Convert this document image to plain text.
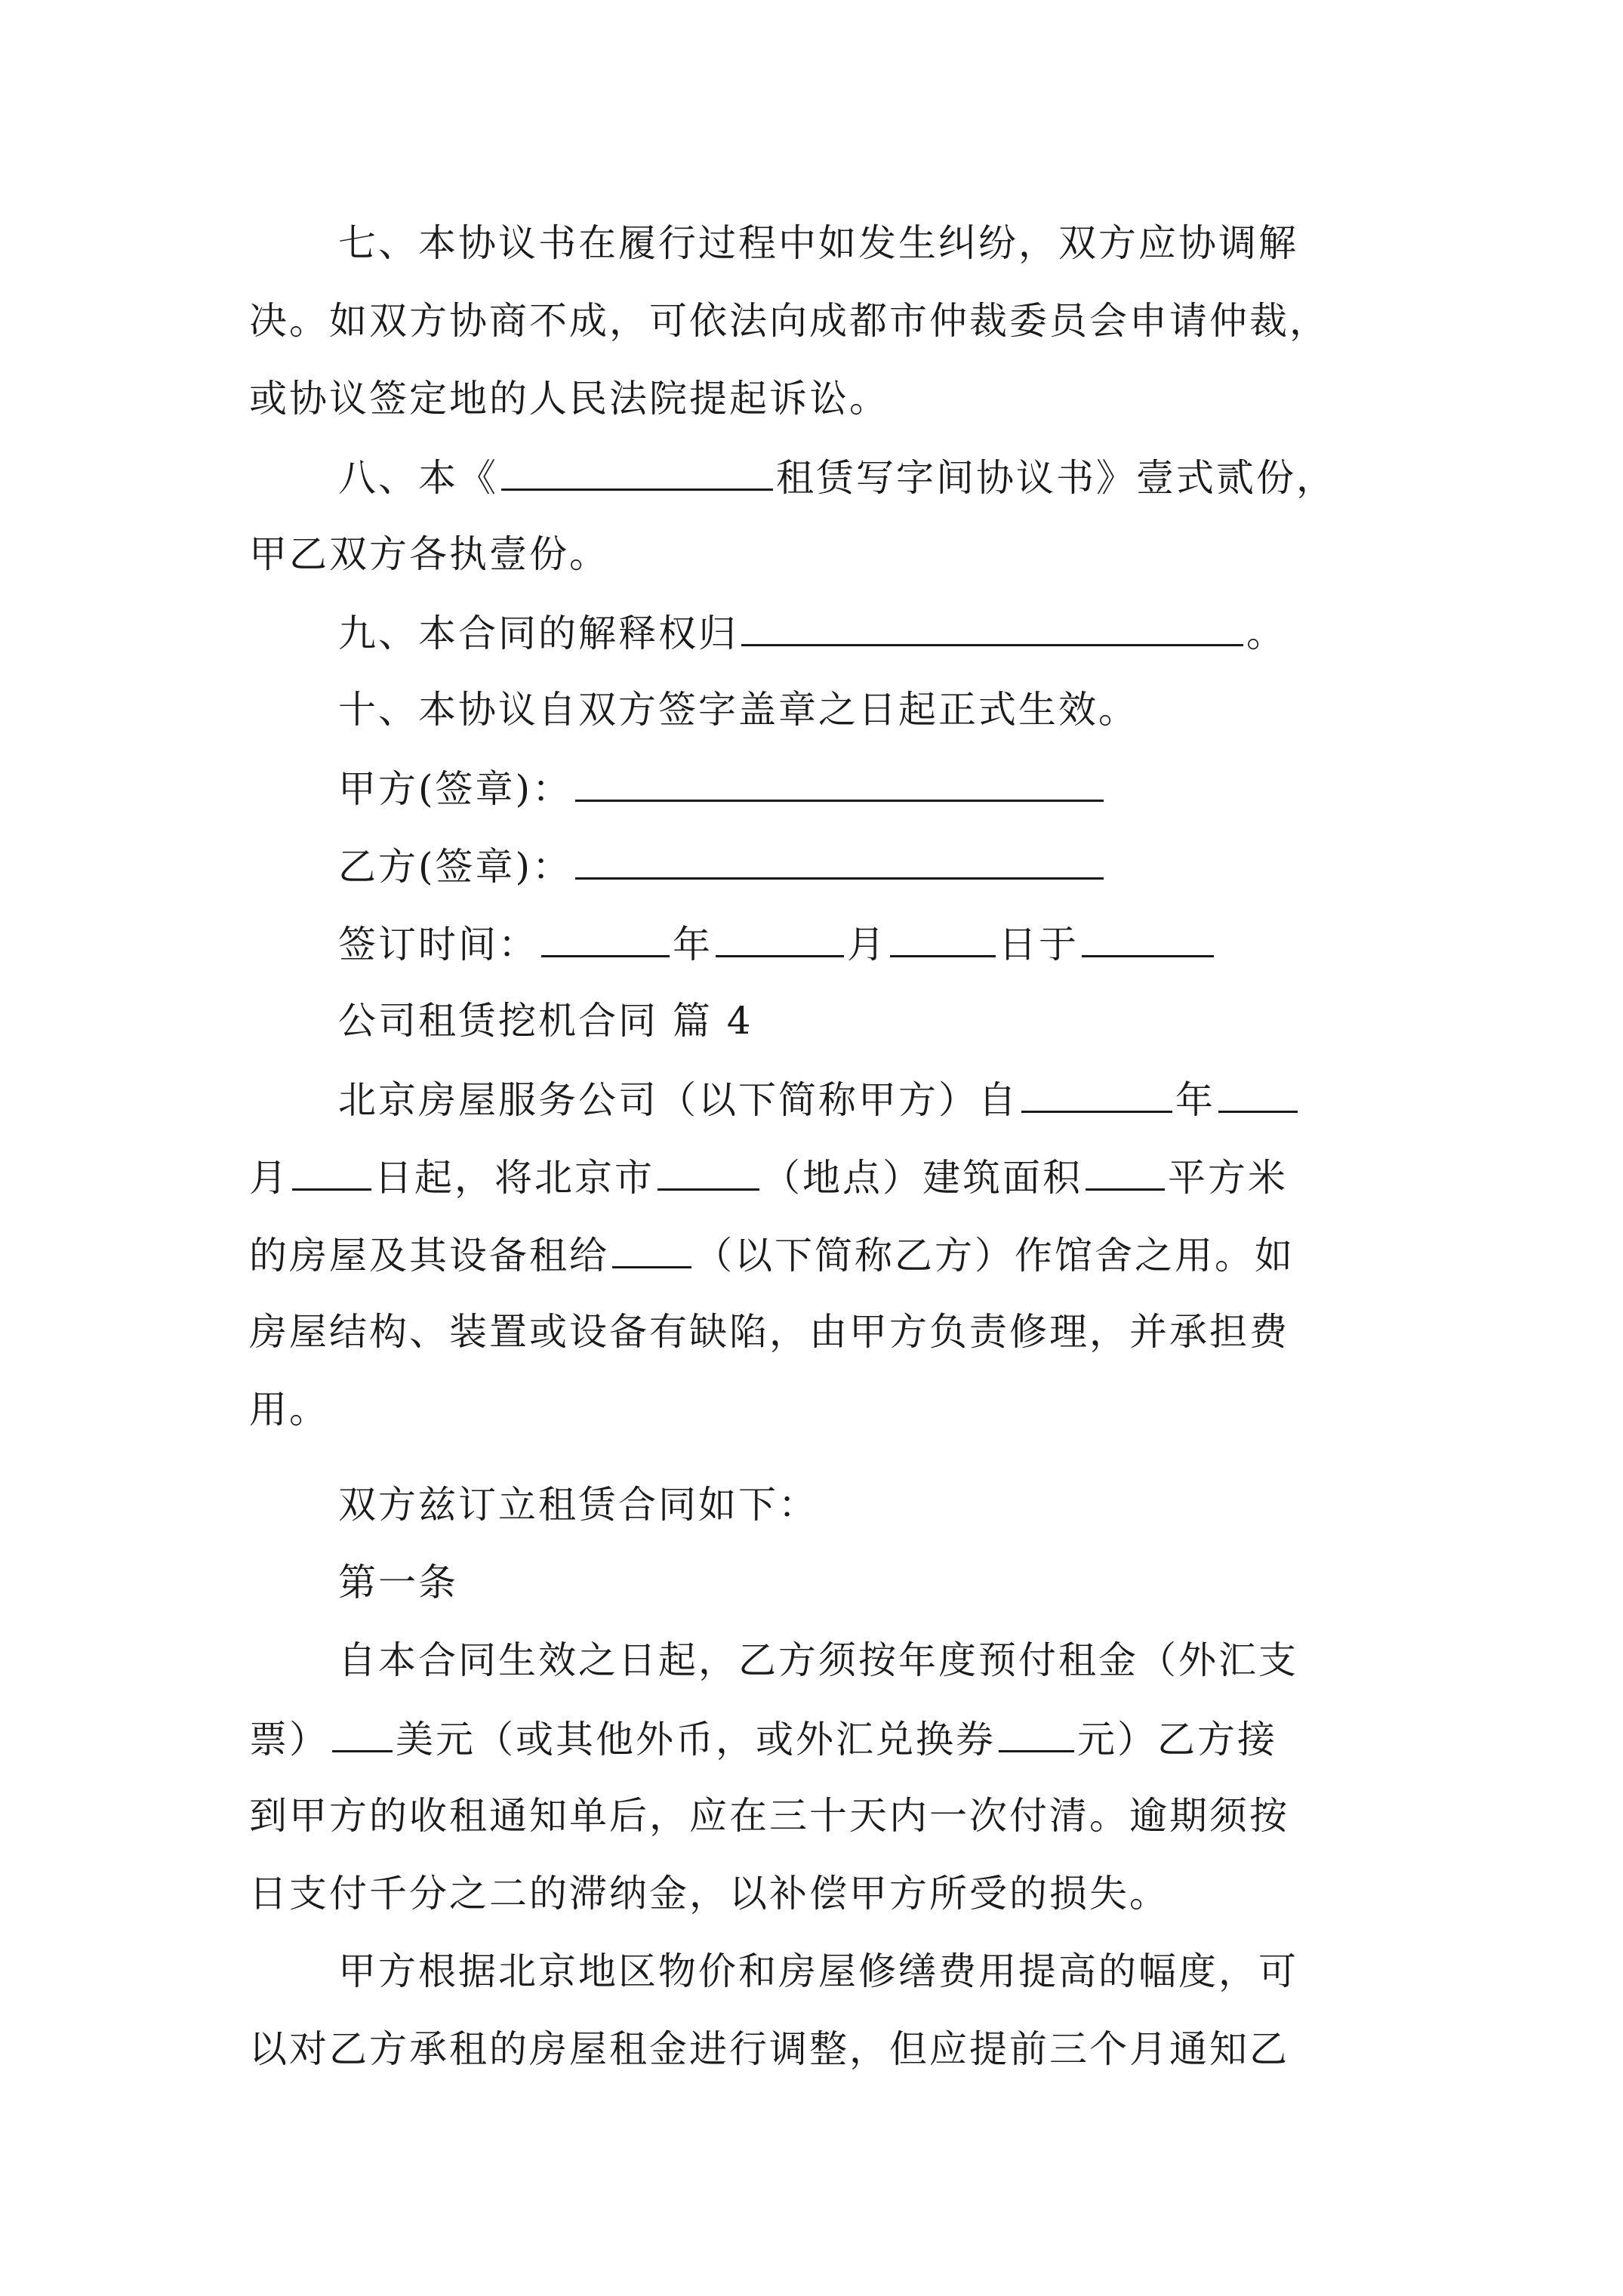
七、本协议书在履行过程中如发生纠纷，双方应协调解
决。如双方协商不成，可依法向成都市仲裁委员会申请仲裁，
或协议签定地的人民法院提起诉讼。
八、本《	租赁写字间协议书》壹式贰份，
甲乙双方各执壹份。
九、本合同的解释权归	。
十、本协议自双方签字盖章之日起正式生效。
甲方(签章)：
乙方(签章)：
签订时间：	年	月	日于
公司租赁挖机合同 篇 4
北京房屋服务公司（以下简称甲方）自	年
月 日起，将北京市	（地点）建筑面积 平方米
的房屋及其设备租给 （以下简称乙方）作馆舍之用。如
房屋结构、装置或设备有缺陷，由甲方负责修理，并承担费
用。
双方兹订立租赁合同如下：
第一条
自本合同生效之日起，乙方须按年度预付租金（外汇支
票） 美元（或其他外币，或外汇兑换券 元）乙方接
到甲方的收租通知单后，应在三十天内一次付清。逾期须按
日支付千分之二的滞纳金，以补偿甲方所受的损失。
甲方根据北京地区物价和房屋修缮费用提高的幅度，可
以对乙方承租的房屋租金进行调整，但应提前三个月通知乙
